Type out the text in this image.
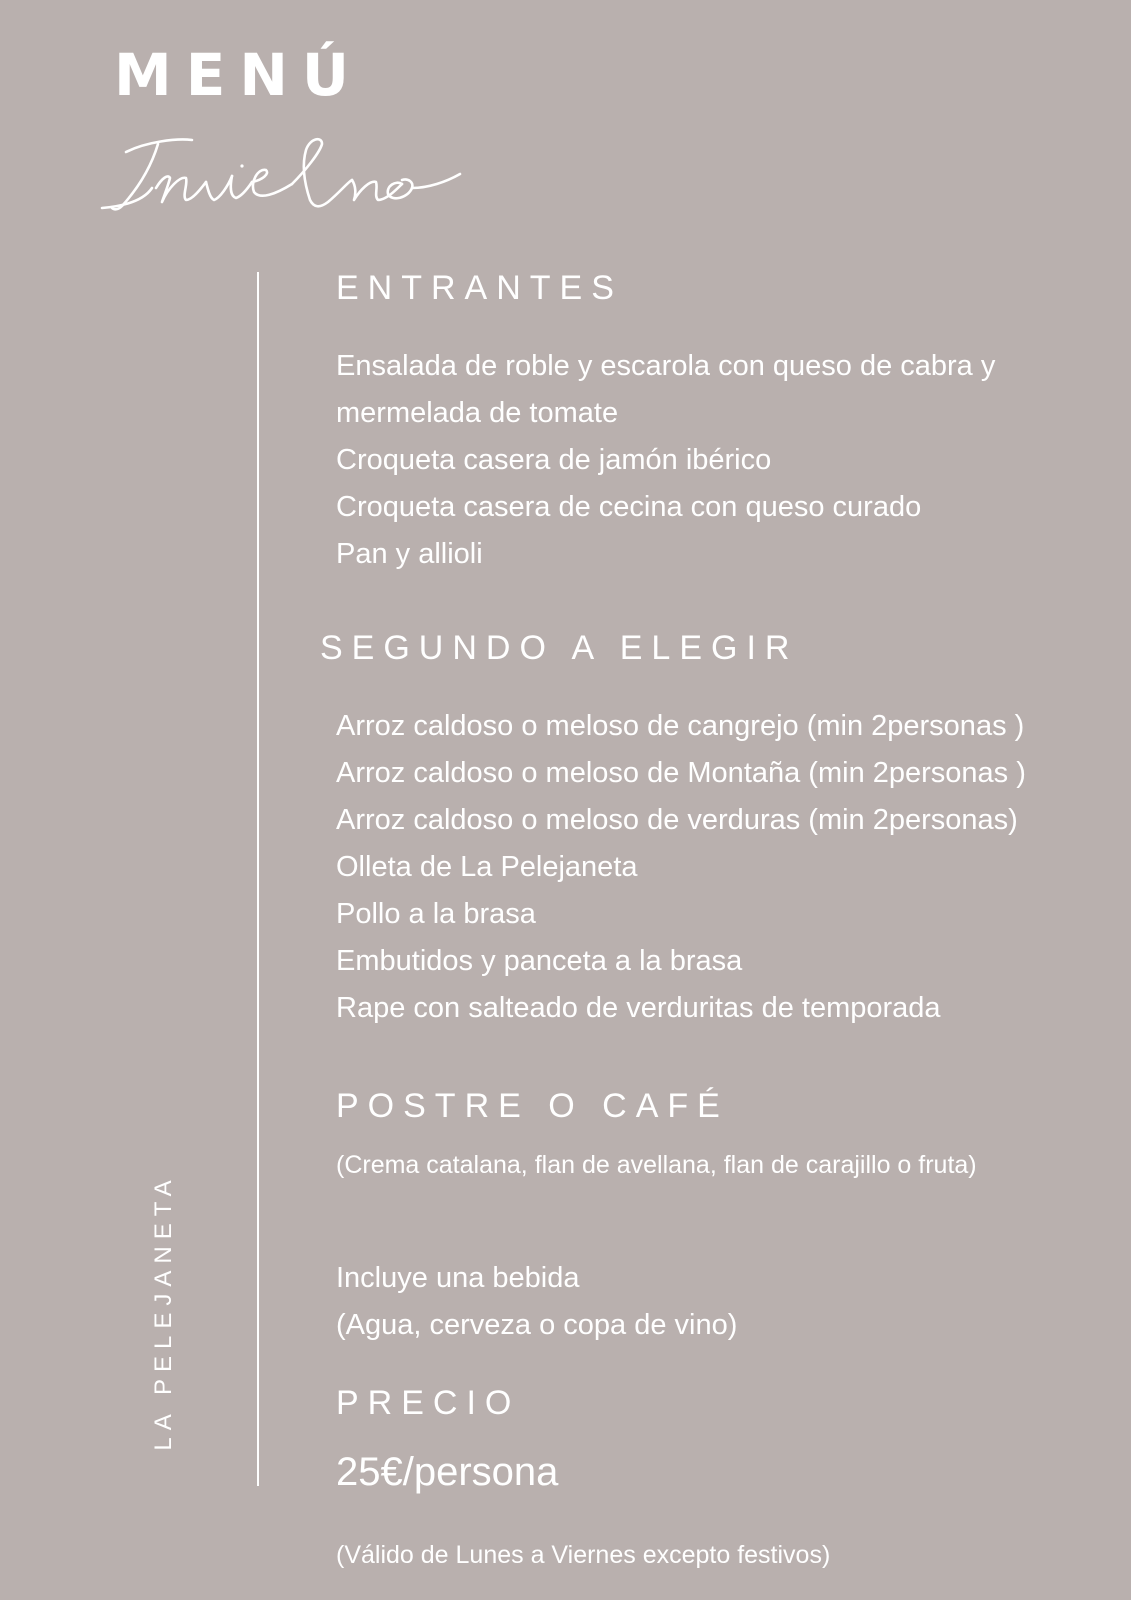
MENÚ
LA PELEJANETA
ENTRANTES
Ensalada de roble y escarola con queso de cabra y
mermelada de tomate
Croqueta casera de jamón ibérico
Croqueta casera de cecina con queso curado
Pan y allioli
SEGUNDO A ELEGIR
Arroz caldoso o meloso de cangrejo (min 2personas )
Arroz caldoso o meloso de Montaña (min 2personas )
Arroz caldoso o meloso de verduras (min 2personas)
Olleta de La Pelejaneta
Pollo a la brasa
Embutidos y panceta a la brasa
Rape con salteado de verduritas de temporada
POSTRE O CAFÉ
(Crema catalana, flan de avellana, flan de carajillo o fruta)
Incluye una bebida
(Agua, cerveza o copa de vino)
PRECIO
25€/persona
(Válido de Lunes a Viernes excepto festivos)
